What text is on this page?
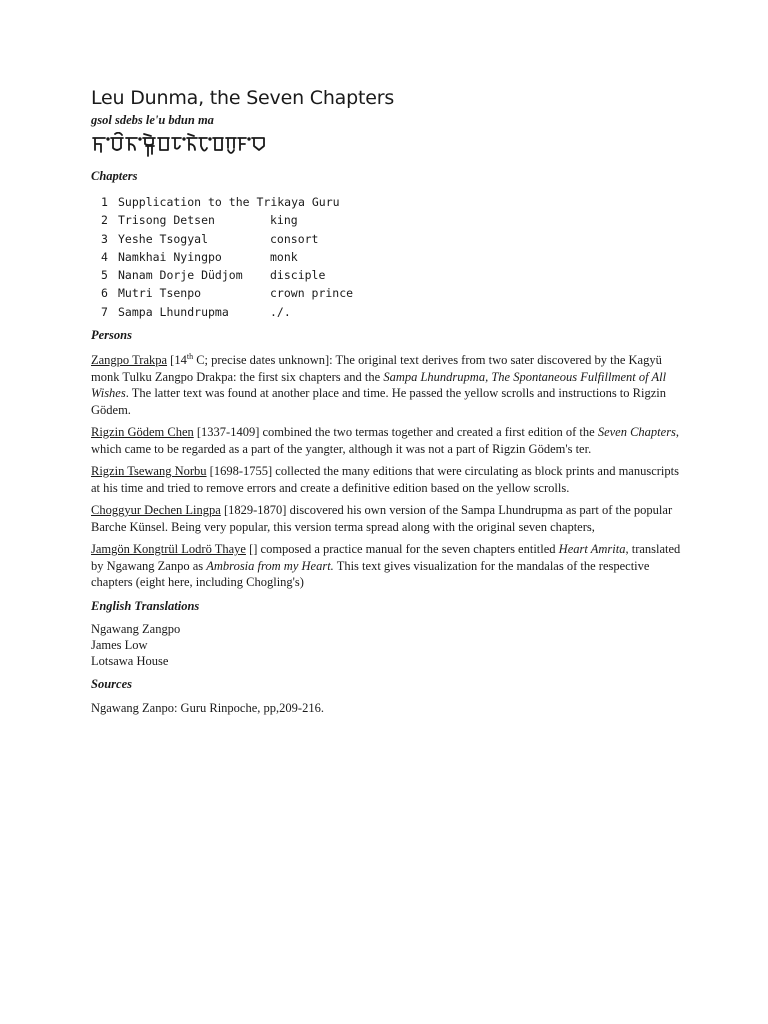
Leu Dunma, the Seven Chapters

gsol sdebs le'u bdun ma

Chapters

1	Supplication to the Trikaya Guru	
2	Trisong Detsen	king
3	Yeshe Tsogyal	consort
4	Namkhai Nyingpo	monk
5	Nanam Dorje Düdjom	disciple
6	Mutri Tsenpo	crown prince
7	Sampa Lhundrupma	./.

Persons

Zangpo Trakpa [14th C; precise dates unknown]: The original text derives from two sater discovered by the Kagyü monk Tulku Zangpo Drakpa: the first six chapters and the Sampa Lhundrupma, The Spontaneous Fulfillment of All Wishes. The latter text was found at another place and time. He passed the yellow scrolls and instructions to Rigzin Gödem.

Rigzin Gödem Chen [1337-1409] combined the two termas together and created a first edition of the Seven Chapters, which came to be regarded as a part of the yangter, although it was not a part of Rigzin Gödem's ter.

Rigzin Tsewang Norbu [1698-1755] collected the many editions that were circulating as block prints and manuscripts at his time and tried to remove errors and create a definitive edition based on the yellow scrolls.

Choggyur Dechen Lingpa [1829-1870] discovered his own version of the Sampa Lhundrupma as part of the popular Barche Künsel. Being very popular, this version terma spread along with the original seven chapters,

Jamgön Kongtrül Lodrö Thaye [] composed a practice manual for the seven chapters entitled Heart Amrita, translated by Ngawang Zanpo as Ambrosia from my Heart. This text gives visualization for the mandalas of the respective chapters (eight here, including Chogling's)

English Translations

Ngawang Zangpo
James Low
Lotsawa House

Sources

Ngawang Zanpo: Guru Rinpoche, pp,209-216.
